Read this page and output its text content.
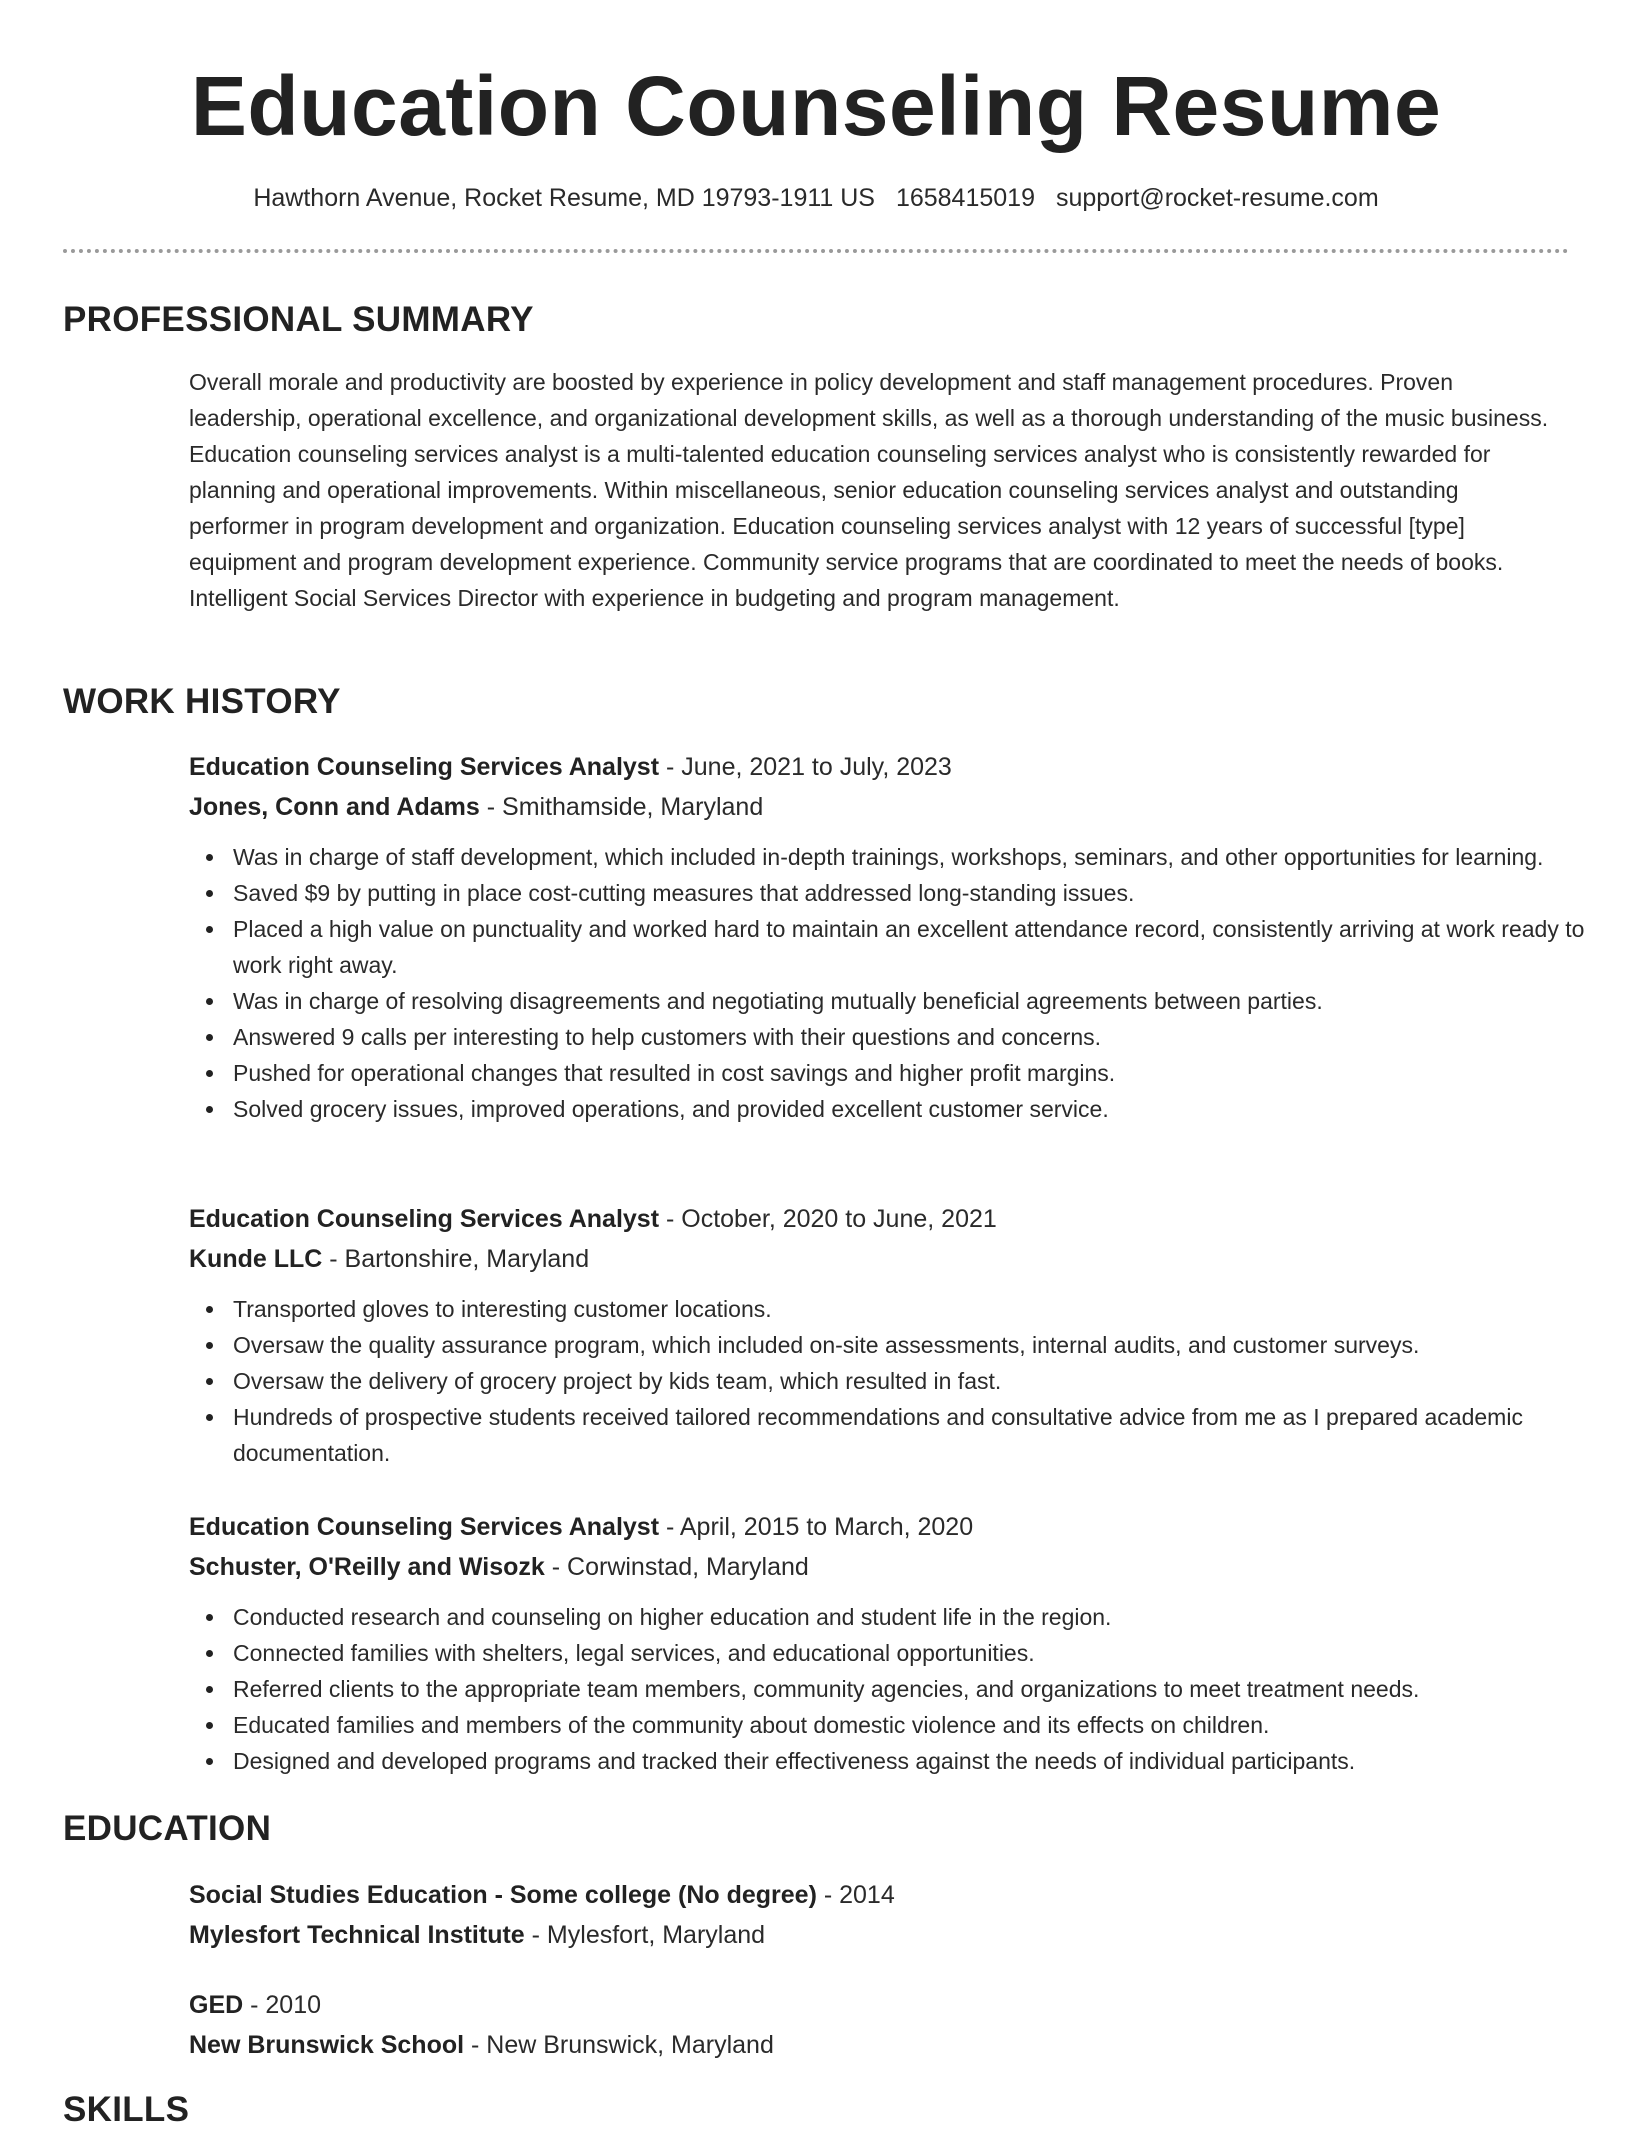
Education Counseling Resume
Hawthorn Avenue, Rocket Resume, MD 19793-1911 US 1658415019 support@rocket-resume.com
PROFESSIONAL SUMMARY

Overall morale and productivity are boosted by experience in policy development and staff management procedures. Proven leadership, operational excellence, and organizational development skills, as well as a thorough understanding of the music business. Education counseling services analyst is a multi-talented education counseling services analyst who is consistently rewarded for planning and operational improvements. Within miscellaneous, senior education counseling services analyst and outstanding performer in program development and organization. Education counseling services analyst with 12 years of successful [type] equipment and program development experience. Community service programs that are coordinated to meet the needs of books. Intelligent Social Services Director with experience in budgeting and program management.

WORK HISTORY
Education Counseling Services Analyst - June, 2021 to July, 2023
Jones, Conn and Adams - Smithamside, Maryland
Was in charge of staff development, which included in-depth trainings, workshops, seminars, and other opportunities for learning.
Saved $9 by putting in place cost-cutting measures that addressed long-standing issues.
Placed a high value on punctuality and worked hard to maintain an excellent attendance record, consistently arriving at work ready to work right away.
Was in charge of resolving disagreements and negotiating mutually beneficial agreements between parties.
Answered 9 calls per interesting to help customers with their questions and concerns.
Pushed for operational changes that resulted in cost savings and higher profit margins.
Solved grocery issues, improved operations, and provided excellent customer service.
Education Counseling Services Analyst - October, 2020 to June, 2021
Kunde LLC - Bartonshire, Maryland
Transported gloves to interesting customer locations.
Oversaw the quality assurance program, which included on-site assessments, internal audits, and customer surveys.
Oversaw the delivery of grocery project by kids team, which resulted in fast.
Hundreds of prospective students received tailored recommendations and consultative advice from me as I prepared academic documentation.
Education Counseling Services Analyst - April, 2015 to March, 2020
Schuster, O'Reilly and Wisozk - Corwinstad, Maryland
Conducted research and counseling on higher education and student life in the region.
Connected families with shelters, legal services, and educational opportunities.
Referred clients to the appropriate team members, community agencies, and organizations to meet treatment needs.
Educated families and members of the community about domestic violence and its effects on children.
Designed and developed programs and tracked their effectiveness against the needs of individual participants.
EDUCATION
Social Studies Education - Some college (No degree) - 2014
Mylesfort Technical Institute - Mylesfort, Maryland
GED - 2010
New Brunswick School - New Brunswick, Maryland
SKILLS
